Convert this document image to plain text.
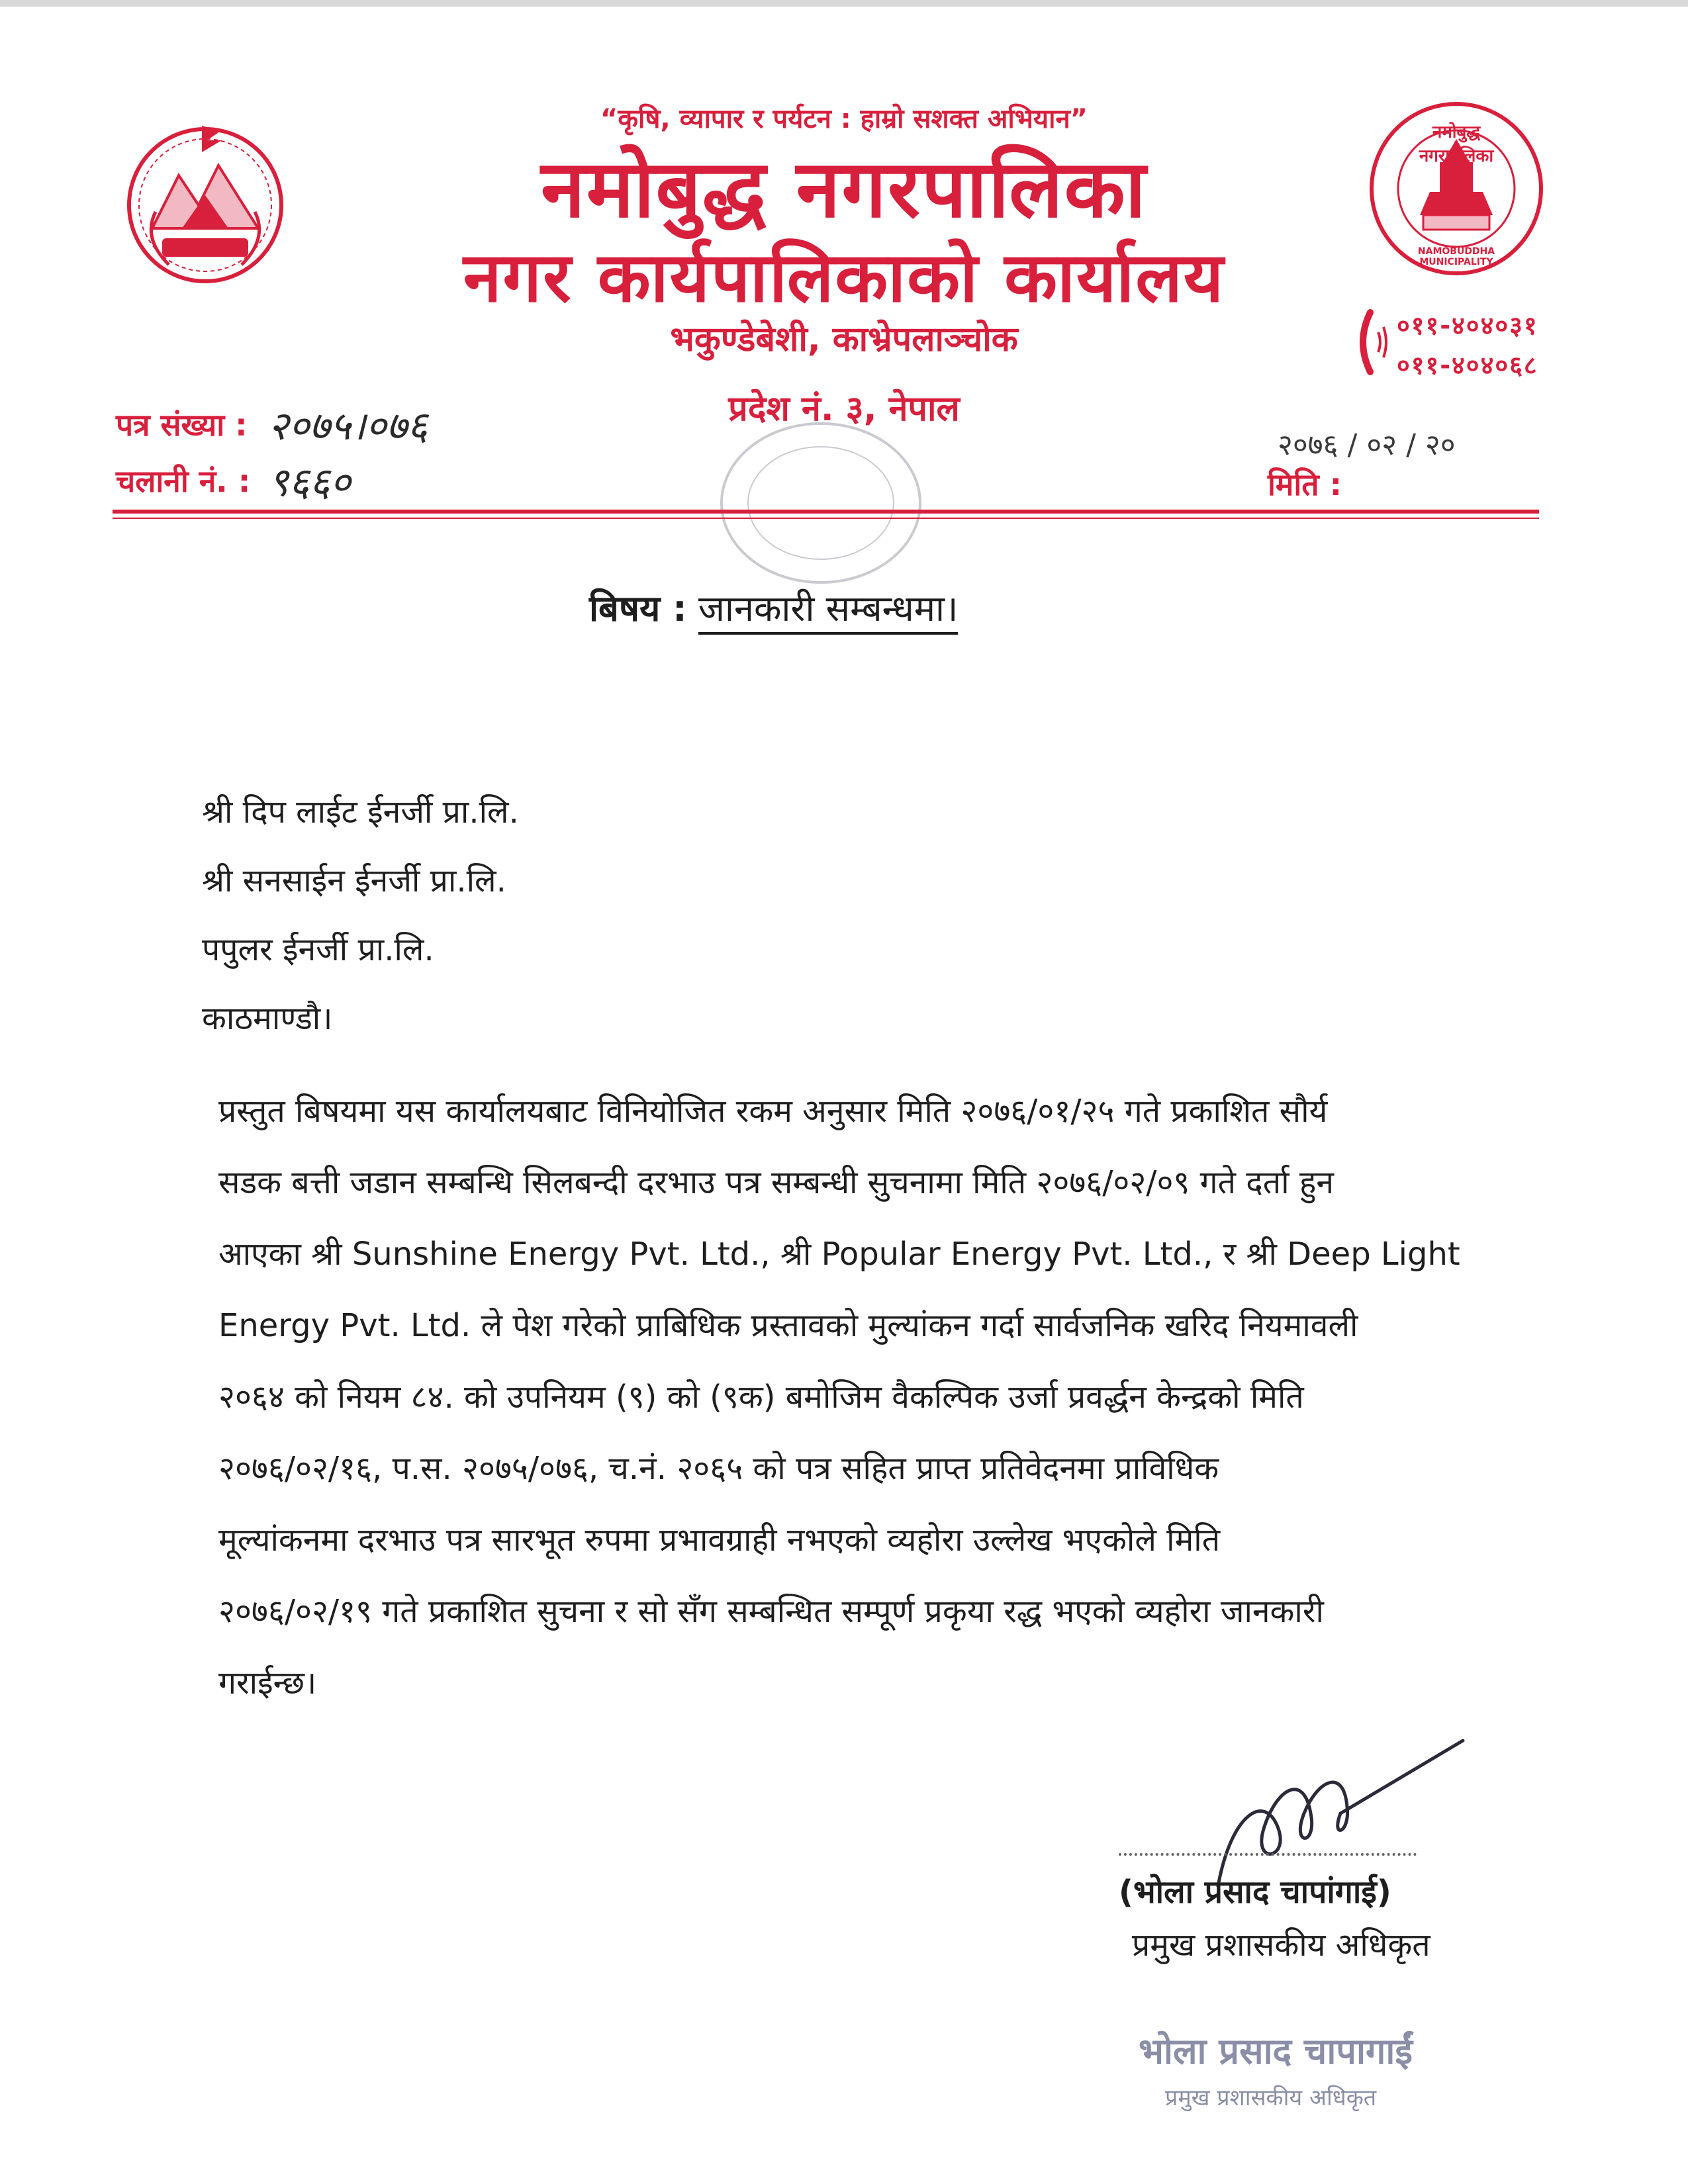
“कृषि, व्यापार र पर्यटन : हाम्रो सशक्त अभियान”
नमोबुद्ध नगरपालिका
नगर कार्यपालिकाको कार्यालय
भकुण्डेबेशी, काभ्रेपलाञ्चोक
प्रदेश नं. ३, नेपाल
नमोबुद्ध नगरपालिका
NAMOBUDDHA MUNICIPALITY
०११-४०४०३१
०११-४०४०६८
पत्र संख्या : २०७५।०७६
चलानी नं. : ९६६०
२०७६ / ०२ / २०
मिति :
बिषय : जानकारी सम्बन्धमा।
श्री दिप लाईट ईनर्जी प्रा.लि.
श्री सनसाईन ईनर्जी प्रा.लि.
पपुलर ईनर्जी प्रा.लि.
काठमाण्डौ।
प्रस्तुत बिषयमा यस कार्यालयबाट विनियोजित रकम अनुसार मिति २०७६/०१/२५ गते प्रकाशित सौर्य
सडक बत्ती जडान सम्बन्धि सिलबन्दी दरभाउ पत्र सम्बन्धी सुचनामा मिति २०७६/०२/०९ गते दर्ता हुन
आएका श्री Sunshine Energy Pvt. Ltd., श्री Popular Energy Pvt. Ltd., र श्री Deep Light
Energy Pvt. Ltd. ले पेश गरेको प्राबिधिक प्रस्तावको मुल्यांकन गर्दा सार्वजनिक खरिद नियमावली
२०६४ को नियम ८४. को उपनियम (९) को (९क) बमोजिम वैकल्पिक उर्जा प्रवर्द्धन केन्द्रको मिति
२०७६/०२/१६, प.स. २०७५/०७६, च.नं. २०६५ को पत्र सहित प्राप्त प्रतिवेदनमा प्राविधिक
मूल्यांकनमा दरभाउ पत्र सारभूत रुपमा प्रभावग्राही नभएको व्यहोरा उल्लेख भएकोले मिति
२०७६/०२/१९ गते प्रकाशित सुचना र सो सँग सम्बन्धित सम्पूर्ण प्रकृया रद्ध भएको व्यहोरा जानकारी
गराईन्छ।
(भोला प्रसाद चापांगाई)
प्रमुख प्रशासकीय अधिकृत
भोला प्रसाद चापागाईं
प्रमुख प्रशासकीय अधिकृत
